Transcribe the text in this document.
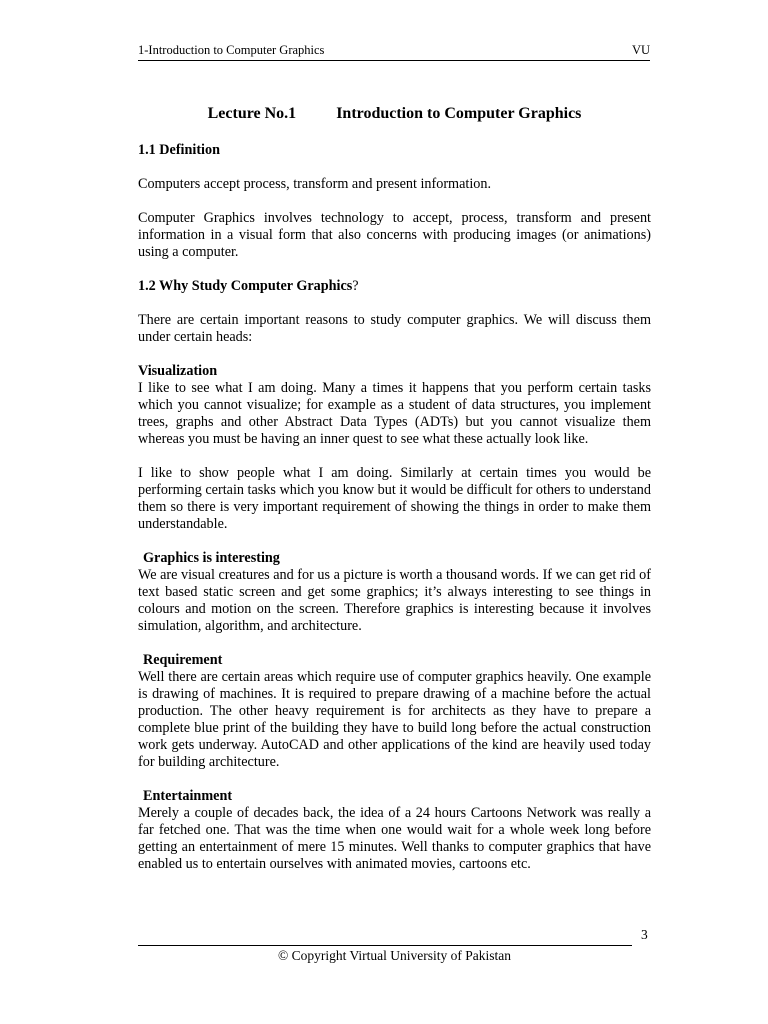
1-Introduction to Computer Graphics	VU
Lecture No.1	Introduction to Computer Graphics
1.1 Definition

Computers accept process, transform and present information.

Computer Graphics involves technology to accept, process, transform and present information in a visual form that also concerns with producing images (or animations) using a computer.

1.2 Why Study Computer Graphics?

There are certain important reasons to study computer graphics. We will discuss them under certain heads:

Visualization

I like to see what I am doing. Many a times it happens that you perform certain tasks which you cannot visualize; for example as a student of data structures, you implement trees, graphs and other Abstract Data Types (ADTs) but you cannot visualize them whereas you must be having an inner quest to see what these actually look like.

I like to show people what I am doing. Similarly at certain times you would be performing certain tasks which you know but it would be difficult for others to understand them so there is very important requirement of showing the things in order to make them understandable.

Graphics is interesting

We are visual creatures and for us a picture is worth a thousand words. If we can get rid of text based static screen and get some graphics; it’s always interesting to see things in colours and motion on the screen. Therefore graphics is interesting because it involves simulation, algorithm, and architecture.

Requirement

Well there are certain areas which require use of computer graphics heavily. One example is drawing of machines. It is required to prepare drawing of a machine before the actual production. The other heavy requirement is for architects as they have to prepare a complete blue print of the building they have to build long before the actual construction work gets underway. AutoCAD and other applications of the kind are heavily used today for building architecture.

Entertainment

Merely a couple of decades back, the idea of a 24 hours Cartoons Network was really a far fetched one. That was the time when one would wait for a whole week long before getting an entertainment of mere 15 minutes. Well thanks to computer graphics that have enabled us to entertain ourselves with animated movies, cartoons etc.

3
© Copyright Virtual University of Pakistan
